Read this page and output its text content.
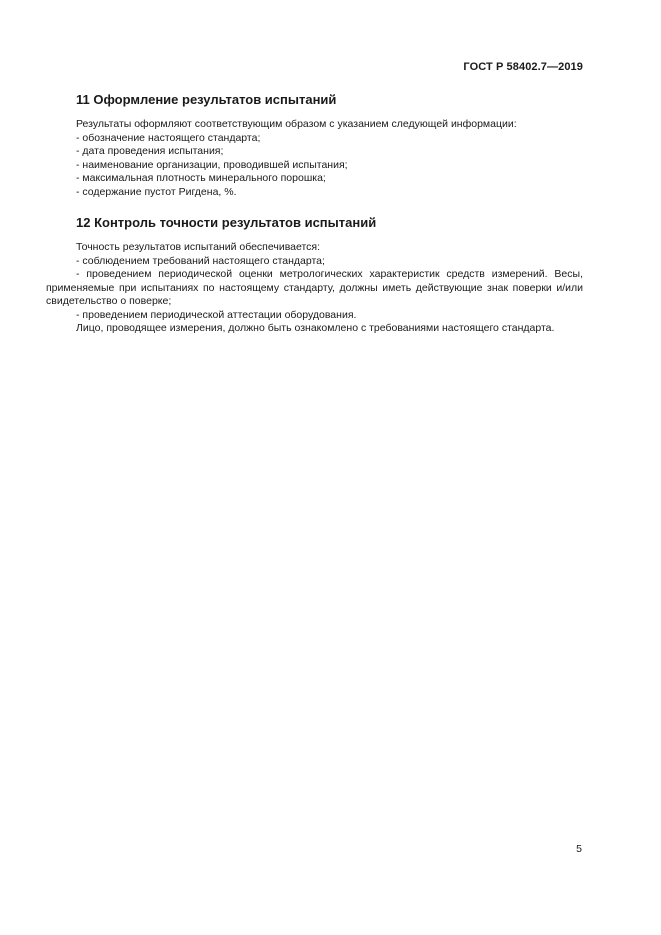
ГОСТ Р 58402.7—2019
11 Оформление результатов испытаний

Результаты оформляют соответствующим образом с указанием следующей информации:

- обозначение настоящего стандарта;

- дата проведения испытания;

- наименование организации, проводившей испытания;

- максимальная плотность минерального порошка;

- содержание пустот Ригдена, %.

12 Контроль точности результатов испытаний

Точность результатов испытаний обеспечивается:

- соблюдением требований настоящего стандарта;

- проведением периодической оценки метрологических характеристик средств измерений. Весы, применяемые при испытаниях по настоящему стандарту, должны иметь действующие знак поверки и/или свидетельство о поверке;

- проведением периодической аттестации оборудования.

Лицо, проводящее измерения, должно быть ознакомлено с требованиями настоящего стандарта.

5
